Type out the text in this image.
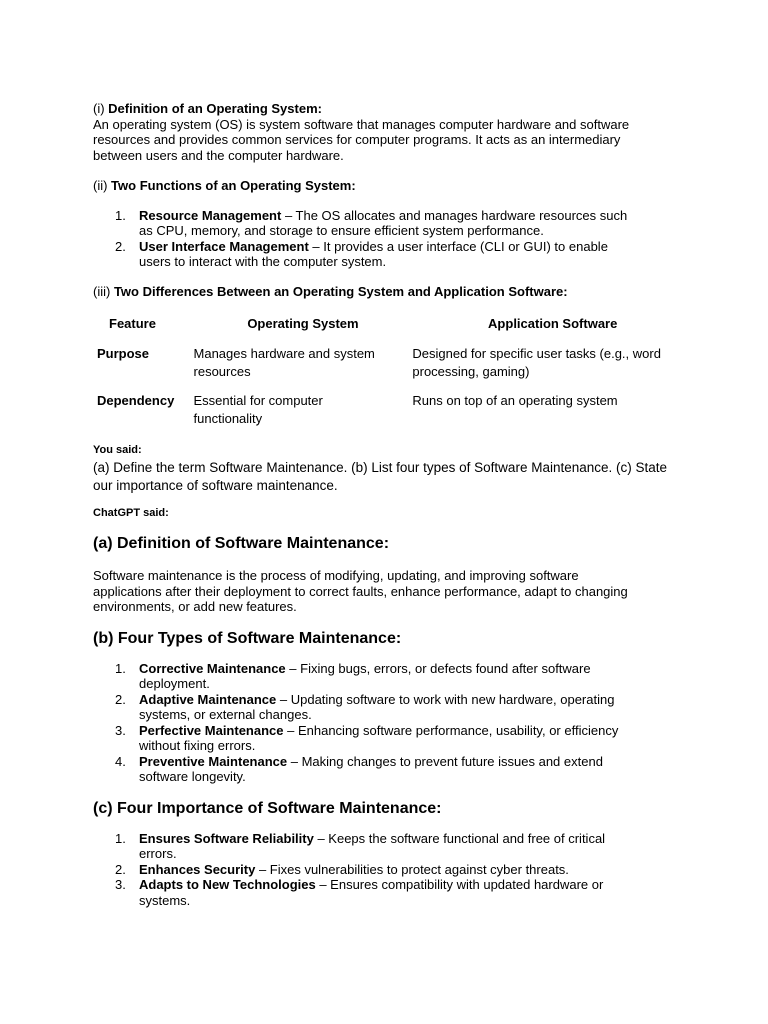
(i) Definition of an Operating System:

An operating system (OS) is system software that manages computer hardware and software resources and provides common services for computer programs. It acts as an intermediary between users and the computer hardware.

(ii) Two Functions of an Operating System:

1. Resource Management – The OS allocates and manages hardware resources such as CPU, memory, and storage to ensure efficient system performance.
2. User Interface Management – It provides a user interface (CLI or GUI) to enable users to interact with the computer system.

(iii) Two Differences Between an Operating System and Application Software:

Feature	Operating System	Application Software
Purpose	Manages hardware and system resources	Designed for specific user tasks (e.g., word processing, gaming)
Dependency	Essential for computer functionality	Runs on top of an operating system

You said:

(a) Define the term Software Maintenance. (b) List four types of Software Maintenance. (c) State our importance of software maintenance.

ChatGPT said:

(a) Definition of Software Maintenance:

Software maintenance is the process of modifying, updating, and improving software applications after their deployment to correct faults, enhance performance, adapt to changing environments, or add new features.

(b) Four Types of Software Maintenance:

1. Corrective Maintenance – Fixing bugs, errors, or defects found after software deployment.
2. Adaptive Maintenance – Updating software to work with new hardware, operating systems, or external changes.
3. Perfective Maintenance – Enhancing software performance, usability, or efficiency without fixing errors.
4. Preventive Maintenance – Making changes to prevent future issues and extend software longevity.

(c) Four Importance of Software Maintenance:

1. Ensures Software Reliability – Keeps the software functional and free of critical errors.
2. Enhances Security – Fixes vulnerabilities to protect against cyber threats.
3. Adapts to New Technologies – Ensures compatibility with updated hardware or systems.
